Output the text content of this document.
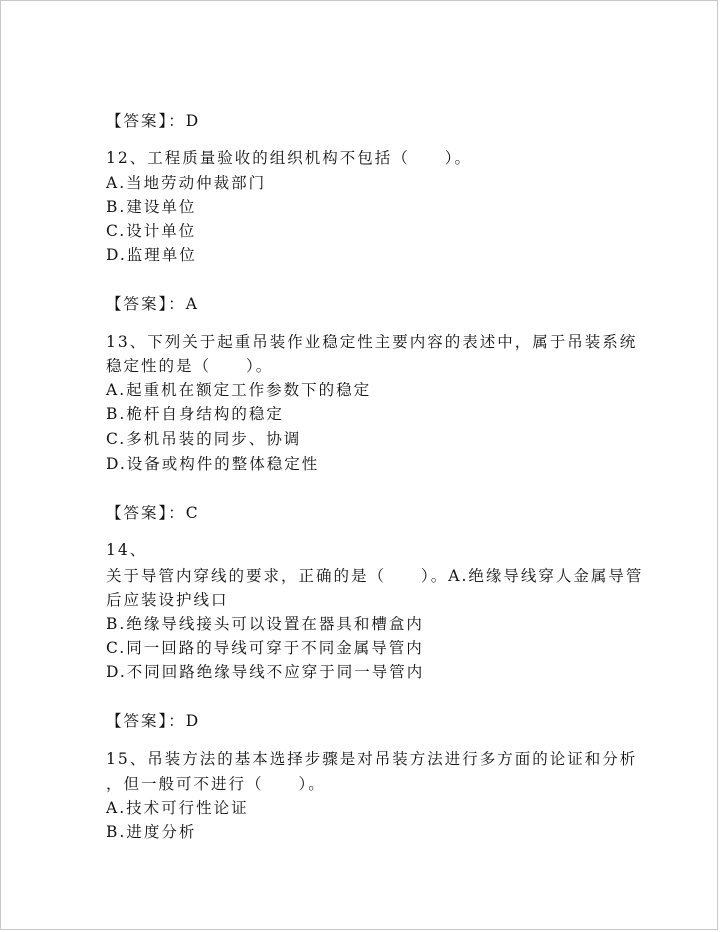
【答案】：D

12、工程质量验收的组织机构不包括（　　）。

A.当地劳动仲裁部门

B.建设单位

C.设计单位

D.监理单位

【答案】：A

13、下列关于起重吊装作业稳定性主要内容的表述中，属于吊装系统

稳定性的是（　　）。

A.起重机在额定工作参数下的稳定

B.桅杆自身结构的稳定

C.多机吊装的同步、协调

D.设备或构件的整体稳定性

【答案】：C

14、

关于导管内穿线的要求，正确的是（　　）。A.绝缘导线穿人金属导管

后应装设护线口

B.绝缘导线接头可以设置在器具和槽盒内

C.同一回路的导线可穿于不同金属导管内

D.不同回路绝缘导线不应穿于同一导管内

【答案】：D

15、吊装方法的基本选择步骤是对吊装方法进行多方面的论证和分析

，但一般可不进行（　　）。

A.技术可行性论证

B.进度分析
